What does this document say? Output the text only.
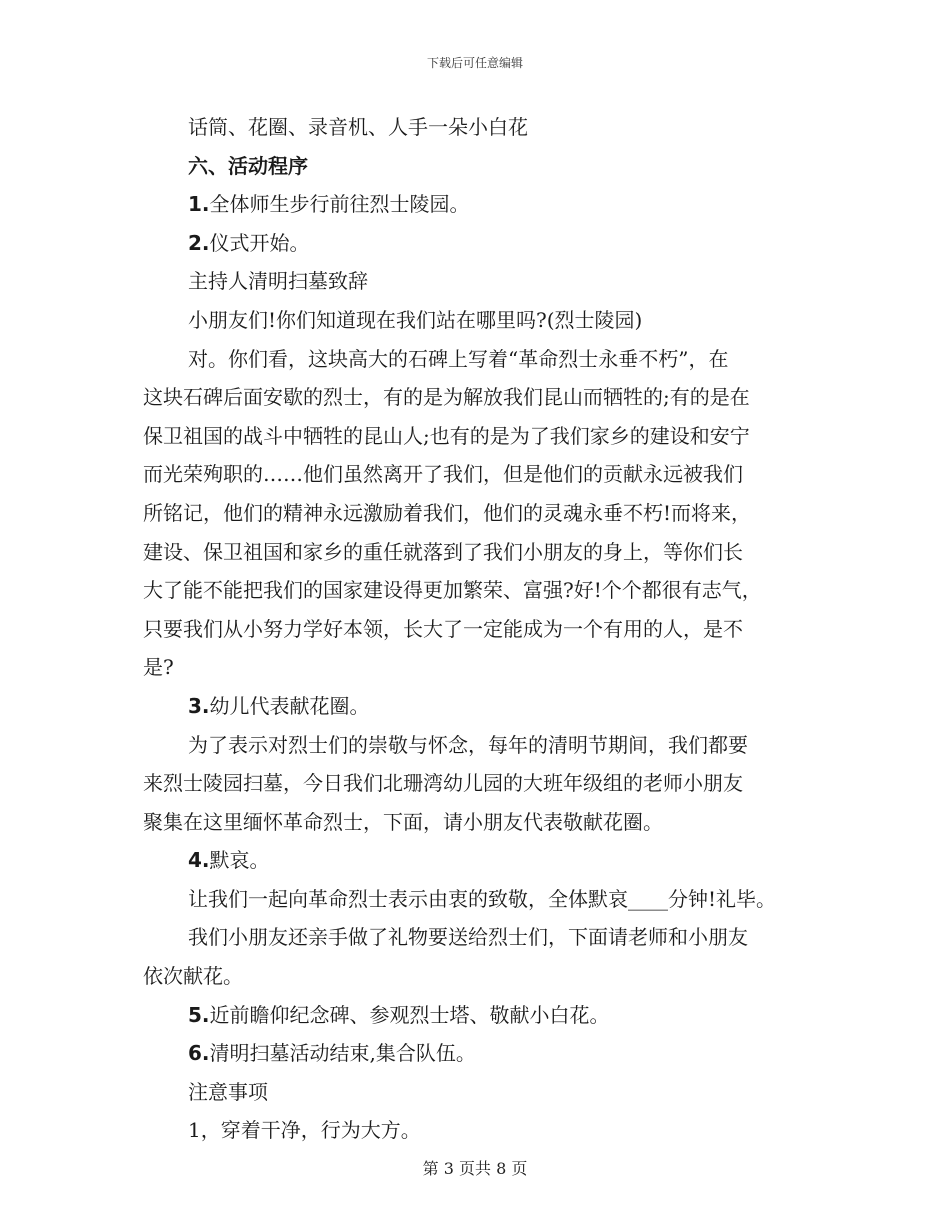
下载后可任意编辑
话筒、花圈、录音机、人手一朵小白花
六、活动程序
1.全体师生步行前往烈士陵园。
2.仪式开始。
主持人清明扫墓致辞
小朋友们!你们知道现在我们站在哪里吗?(烈士陵园)
对。你们看，这块高大的石碑上写着“革命烈士永垂不朽”，在
这块石碑后面安歇的烈士，有的是为解放我们昆山而牺牲的;有的是在
保卫祖国的战斗中牺牲的昆山人;也有的是为了我们家乡的建设和安宁
而光荣殉职的……他们虽然离开了我们，但是他们的贡献永远被我们
所铭记，他们的精神永远激励着我们，他们的灵魂永垂不朽!而将来，
建设、保卫祖国和家乡的重任就落到了我们小朋友的身上，等你们长
大了能不能把我们的国家建设得更加繁荣、富强?好!个个都很有志气，
只要我们从小努力学好本领，长大了一定能成为一个有用的人，是不
是?
3.幼儿代表献花圈。
为了表示对烈士们的崇敬与怀念，每年的清明节期间，我们都要
来烈士陵园扫墓，今日我们北珊湾幼儿园的大班年级组的老师小朋友
聚集在这里缅怀革命烈士，下面，请小朋友代表敬献花圈。
4.默哀。
让我们一起向革命烈士表示由衷的致敬，全体默哀____分钟!礼毕。
我们小朋友还亲手做了礼物要送给烈士们，下面请老师和小朋友
依次献花。
5.近前瞻仰纪念碑、参观烈士塔、敬献小白花。
6.清明扫墓活动结束,集合队伍。
注意事项
1，穿着干净，行为大方。
第 3 页共 8 页
